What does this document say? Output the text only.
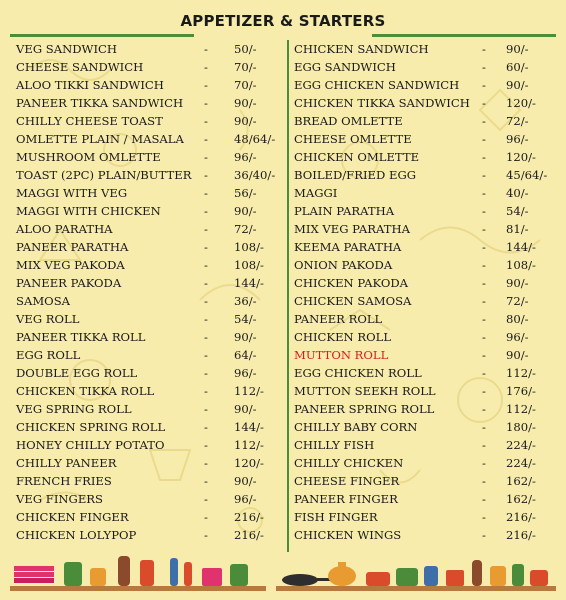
APPETIZER & STARTERS
VEG SANDWICH	- 50/-
CHEESE SANDWICH	- 70/-
ALOO TIKKI SANDWICH	- 70/-
PANEER TIKKA SANDWICH - 90/-
CHILLY CHEESE TOAST	- 90/-
OMLETTE PLAIN / MASALA - 48/64/-
MUSHROOM OMLETTE	- 96/-
TOAST (2PC) PLAIN/BUTTER - 36/40/-
MAGGI WITH VEG	- 56/-
MAGGI WITH CHICKEN	- 90/-
ALOO PARATHA	- 72/-
PANEER PARATHA	- 108/-
MIX VEG PAKODA	- 108/-
PANEER PAKODA	- 144/-
SAMOSA	- 36/-
VEG ROLL	- 54/-
PANEER TIKKA ROLL	- 90/-
EGG ROLL	- 64/-
DOUBLE EGG ROLL	- 96/-
CHICKEN TIKKA ROLL	- 112/-
VEG SPRING ROLL	- 90/-
CHICKEN SPRING ROLL	- 144/-
HONEY CHILLY POTATO	- 112/-
CHILLY PANEER	- 120/-
FRENCH FRIES	- 90/-
VEG FINGERS	- 96/-
CHICKEN FINGER	- 216/-
CHICKEN LOLYPOP	- 216/-
CHICKEN SANDWICH	- 90/-
EGG SANDWICH	- 60/-
EGG CHICKEN SANDWICH - 90/-
CHICKEN TIKKA SANDWICH - 120/-
BREAD OMLETTE	- 72/-
CHEESE OMLETTE	- 96/-
CHICKEN OMLETTE	- 120/-
BOILED/FRIED EGG	- 45/64/-
MAGGI	- 40/-
PLAIN PARATHA	- 54/-
MIX VEG PARATHA	- 81/-
KEEMA PARATHA	- 144/-
ONION PAKODA	- 108/-
CHICKEN PAKODA	- 90/-
CHICKEN SAMOSA	- 72/-
PANEER ROLL	- 80/-
CHICKEN ROLL	- 96/-
MUTTON ROLL	- 90/-
EGG CHICKEN ROLL	- 112/-
MUTTON SEEKH ROLL	- 176/-
PANEER SPRING ROLL	- 112/-
CHILLY BABY CORN	- 180/-
CHILLY FISH	- 224/-
CHILLY CHICKEN	- 224/-
CHEESE FINGER	- 162/-
PANEER FINGER	- 162/-
FISH FINGER	- 216/-
CHICKEN WINGS	- 216/-
